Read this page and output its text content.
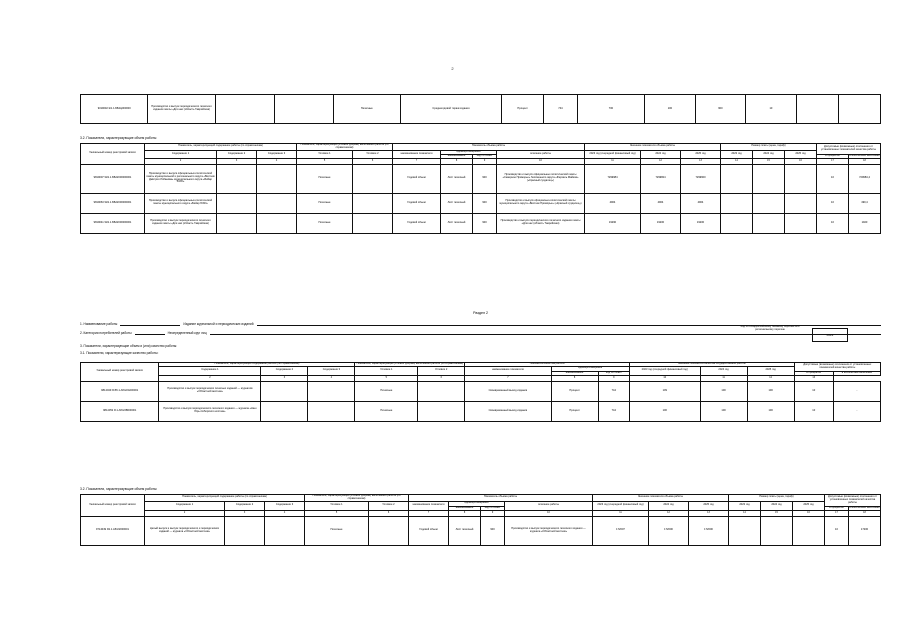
2
9319002 Ж1.1.ББ2Ц000000	Производство и выпуск периодического печатного издания газеты «Для нас (область Таврийская)			Печатные	Среднегодовой тираж издания	Процент	744	700	100	900	10		
3.2. Показатели, характеризующие объем работы
Уникальный номер реестровой записи	Показатель, характеризующий содержание работы (по справочникам)			Показатель, характеризующий условия (формы) выполнения работы (по справочникам)		Показатель объема работы				Значение показателя объема работы			Размер платы (цена, тариф)			Допустимые (возможные) отклонения от установленных показателей качества работы	
	Содержание 1	Содержание 2	Содержание 3	Условие 1	Условие 2	наименование показателя	единица измерения		описание работы	2023 год (очередной финансовый год)	2024 год	2025 год	2023 год	2024 год	2025 год		
							наименование	код по ОКЕИ								в процентах	в абсолютных величинах
	2	3	4	5	6	7	8	9	10	11	12	13	14	15	16	17	18
9819007 Я21.1.ББ22000000001	Производство и выпуск официальных-политической газеты муниципальной и регионального округа «Вестник Дмитрия Лобанова» муниципального округа «Бийар ЮЗО»			Печатные		Годовой объем	Лист печатный	900	Производство и выпуск официальных-политической газеты «Северное Приморье» бессменного округа «Ферзаль Майков» («Красный суздалец»)	7299984	7299824	7299600				10	729984,4
9819063 Я21.1.ББ22000000001	Производство и выпуск официальных-политической газеты муниципального округа «Бийар ЮЗО»			Печатные		Годовой объем	Лист печатный	900	Производство и выпуск официально-политической газеты муниципального округа «Вестник Приморье» («Красный суздалец»)	4904	4904	4904				10	490,4
9819041 Я21.1.ББ22000000001	Производство и выпуск периодического печатного издания газеты «Для нас (область Таврийская)			Печатные		Годовой объем	Лист печатный	900	Производство и выпуск периодического печатного издания газеты «Для нас (область Таврийская)	19290	19200	19200				10	1920
Раздел 2
1. Наименование работы	Издание журнальной и периодических изданий
2. Категории потребителей работы	Неопределенный круг лиц
Код по общероссийскому базовому перечню или региональному перечню
0023
3. Показатели, характеризующие объем и (или) качество работы:
3.1. Показатели, характеризующие качество работы:
Уникальный номер реестровой записи	Показатель, характеризующий содержание работы (по справочникам)			Показатель, характеризующий условия (формы) выполнения работы (по справочникам)		Показатель качества работы			Значение показателя качества государственной работы			Допустимые (возможные) отклонения от установленных показателей качества работы	
	Содержание 1	Содержание 2	Содержание 3	Условие 1	Условие 2	наименование показателя	единица измерения		2023 год (очередной финансовый год)	2024 год	2025 год		
							наименование	код по ОКЕИ				в процентах	в абсолютных величинах
	2	3	4	5	6	7	8	9	10	11	12	13	
9814049 Я.Б5.1.АЮ22А000001	Производство и выпуск периодических печатных изданий — журналов «Областной вестник»			Печатные		Своевременный выход издания	Процент	744	109	100	100	10	-
9814052 Я.1.АЮ22В000001	Производство и выпуск периодического печатного издания — журнала «Наш Юрь-Сибирского костюм»			Печатные		Своевременный выход издания	Процент	744	100	100	100	10	-
3.2. Показатели, характеризующие объем работы:
Уникальный номер реестровой записи	Показатель, характеризующий содержание работы (по справочникам)			Показатель, характеризующий условия (формы) выполнения работы (по справочникам)		Показатель объема работы				Значение показателя объема работы			Размер платы (цена, тариф)			Допустимые (возможные) отклонения от установленных показателей качества работы	
	Содержание 1	Содержание 2	Содержание 3	Условие 1	Условие 2	наименование показателя	единица измерения		описание работы	2023 год (очередной финансовый год)	2024 год	2025 год	2023 год	2024 год	2025 год		
							наименование	код по ОКЕИ								в процентах	в абсолютных величинах
	2	3	4	5	6	7	8	9	10	11	12	13	14	15	16	17	18
9714049 Я1.1.АЮ22000001	Целый выпуск и выпуск периодического и периодических изданий — журнала «Областной вестник»			Печатные		Годовой объем	Лист печатный	900	Производство и выпуск периодического печатного издания — журнала «Областной вестник»	172007	172000	172000				10	17200
